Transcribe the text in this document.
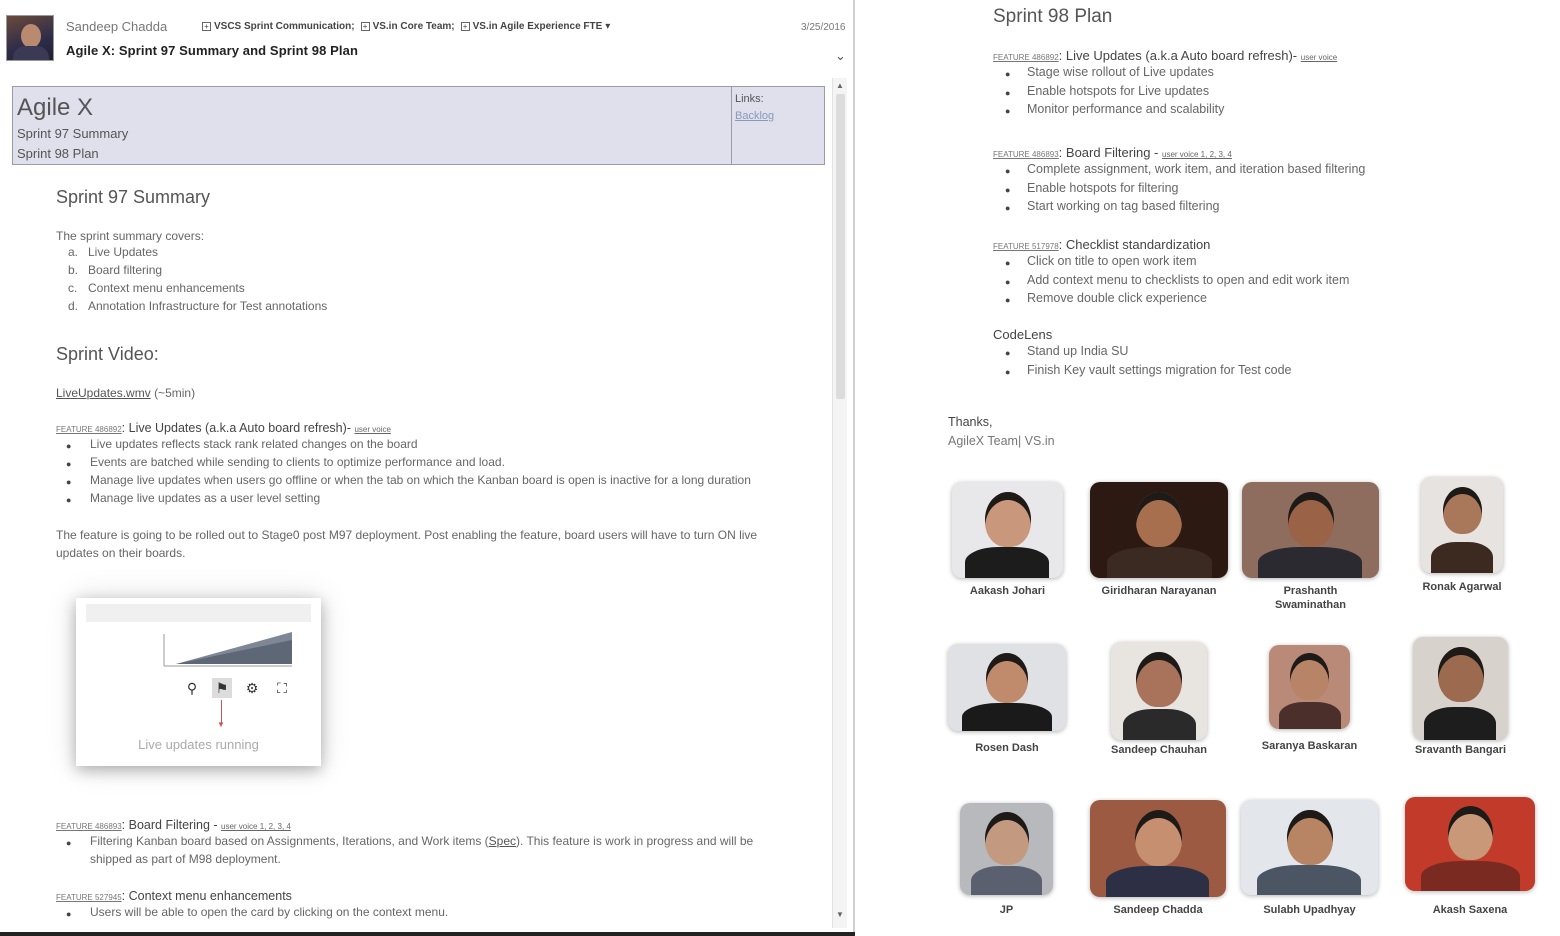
Sandeep Chadda	+ VSCS Sprint Communication; + VS.in Core Team; + VS.in Agile Experience FTE ▾	3/25/2016
Agile X: Sprint 97 Summary and Sprint 98 Plan	⌄
▲
▼
Agile X
Sprint 97 Summary
Sprint 98 Plan
Links:
Backlog
Sprint 97 Summary
The sprint summary covers:
a. Live Updates
b. Board filtering
c. Context menu enhancements
d. Annotation Infrastructure for Test annotations
Sprint Video:
LiveUpdates.wmv (~5min)
FEATURE 486892: Live Updates (a.k.a Auto board refresh)- user voice
●	Live updates reflects stack rank related changes on the board
●	Events are batched while sending to clients to optimize performance and load.
●	Manage live updates when users go offline or when the tab on which the Kanban board is open is inactive for a long duration
●	Manage live updates as a user level setting
The feature is going to be rolled out to Stage0 post M97 deployment. Post enabling the feature, board users will have to turn ON live
updates on their boards.
⚲	⚑ ⚙	⛶
▼
Live updates running
FEATURE 486893: Board Filtering - user voice 1, 2, 3, 4
●	Filtering Kanban board based on Assignments, Iterations, and Work items ( Spec ). This feature is work in progress and will be
shipped as part of M98 deployment.
FEATURE 527945: Context menu enhancements
●	Users will be able to open the card by clicking on the context menu.
Sprint 98 Plan
FEATURE 486892: Live Updates (a.k.a Auto board refresh)- user voice
●	Stage wise rollout of Live updates
●	Enable hotspots for Live updates
●	Monitor performance and scalability
FEATURE 486893: Board Filtering - user voice 1, 2, 3, 4
●	Complete assignment, work item, and iteration based filtering
●	Enable hotspots for filtering
●	Start working on tag based filtering
FEATURE 517978: Checklist standardization
●	Click on title to open work item
●	Add context menu to checklists to open and edit work item
●	Remove double click experience
CodeLens
●	Stand up India SU
●	Finish Key vault settings migration for Test code
Thanks,
AgileX Team| VS.in
Aakash Johari	Giridharan Narayanan	Prashanth Swaminathan
Ronak Agarwal
Rosen Dash	Sandeep Chauhan	Saranya Baskaran	Sravanth Bangari
JP	Sandeep Chadda	Sulabh Upadhyay	Akash Saxena
